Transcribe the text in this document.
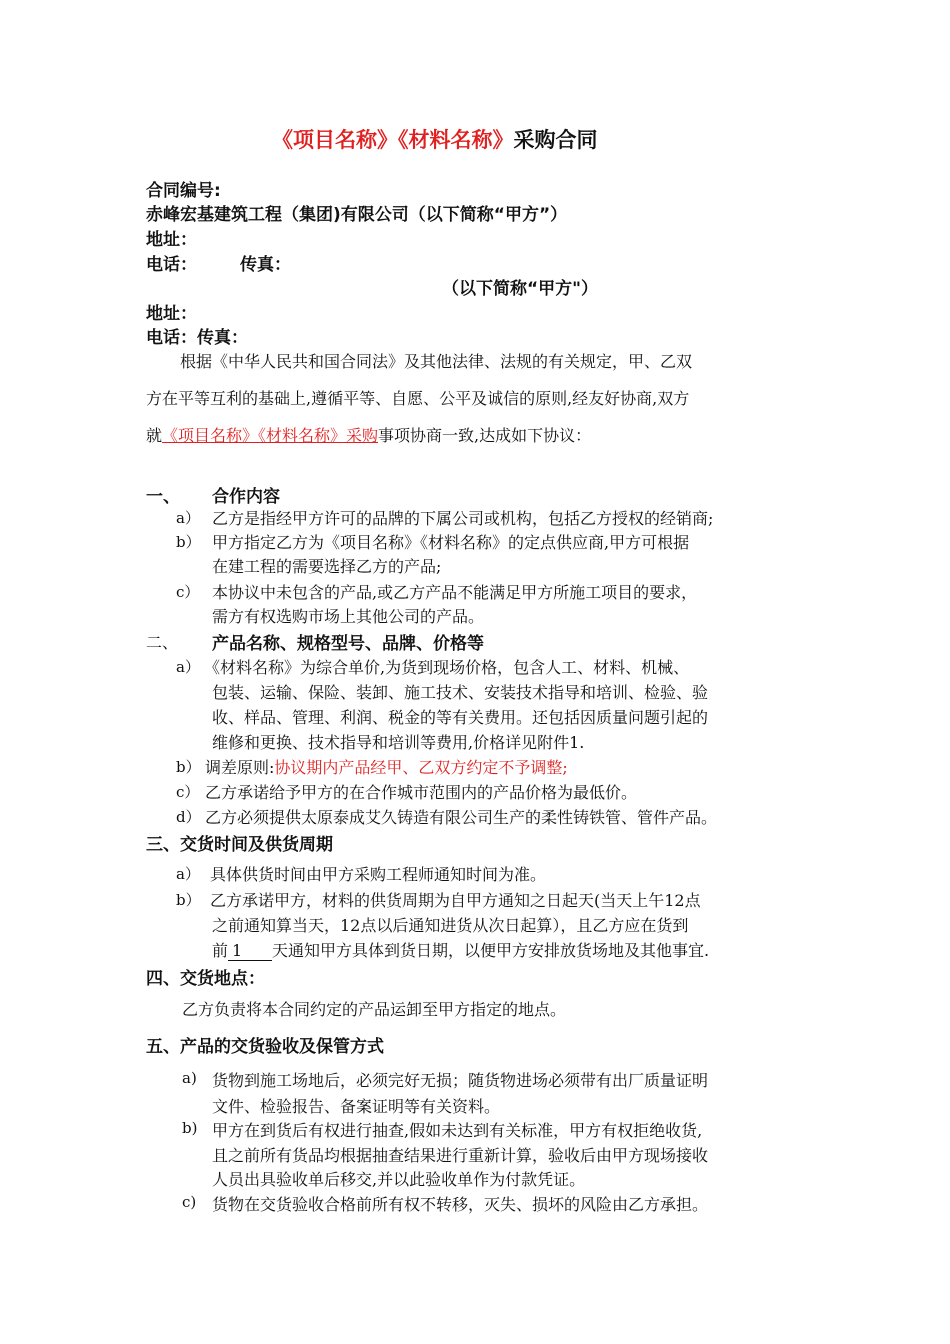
《项目名称》《材料名称》采购合同
合同编号:
赤峰宏基建筑工程（集团)有限公司（以下简称“甲方”）
地址：
电话：	传真：
（以下简称“甲方"）
地址：
电话：传真：
根据《中华人民共和国合同法》及其他法律、法规的有关规定，甲、乙双
方在平等互利的基础上,遵循平等、自愿、公平及诚信的原则,经友好协商,双方
就《项目名称》《材料名称》采购事项协商一致,达成如下协议：
一、 合作内容
a） 乙方是指经甲方许可的品牌的下属公司或机构，包括乙方授权的经销商;
b） 甲方指定乙方为《项目名称》《材料名称》的定点供应商,甲方可根据
在建工程的需要选择乙方的产品;
c） 本协议中未包含的产品,或乙方产品不能满足甲方所施工项目的要求，
需方有权选购市场上其他公司的产品。
二、 产品名称、规格型号、品牌、价格等
a） 《材料名称》为综合单价,为货到现场价格，包含人工、材料、机械、
包装、运输、保险、装卸、施工技术、安装技术指导和培训、检验、验
收、样品、管理、利润、税金的等有关费用。还包括因质量问题引起的
维修和更换、技术指导和培训等费用,价格详见附件1.
b） 调差原则:协议期内产品经甲、乙双方约定不予调整;
c） 乙方承诺给予甲方的在合作城市范围内的产品价格为最低价。
d） 乙方必须提供太原泰成艾久铸造有限公司生产的柔性铸铁管、管件产品。
三、交货时间及供货周期
a） 具体供货时间由甲方采购工程师通知时间为准。
b） 乙方承诺甲方，材料的供货周期为自甲方通知之日起天(当天上午12点
之前通知算当天，12点以后通知进货从次日起算），且乙方应在货到
前 1 天通知甲方具体到货日期，以便甲方安排放货场地及其他事宜.
四、交货地点：
乙方负责将本合同约定的产品运卸至甲方指定的地点。
五、产品的交货验收及保管方式
a) 货物到施工场地后，必须完好无损；随货物进场必须带有出厂质量证明
文件、检验报告、备案证明等有关资料。
b) 甲方在到货后有权进行抽查,假如未达到有关标准，甲方有权拒绝收货,
且之前所有货品均根据抽查结果进行重新计算，验收后由甲方现场接收
人员出具验收单后移交,并以此验收单作为付款凭证。
c) 货物在交货验收合格前所有权不转移，灭失、损坏的风险由乙方承担。
